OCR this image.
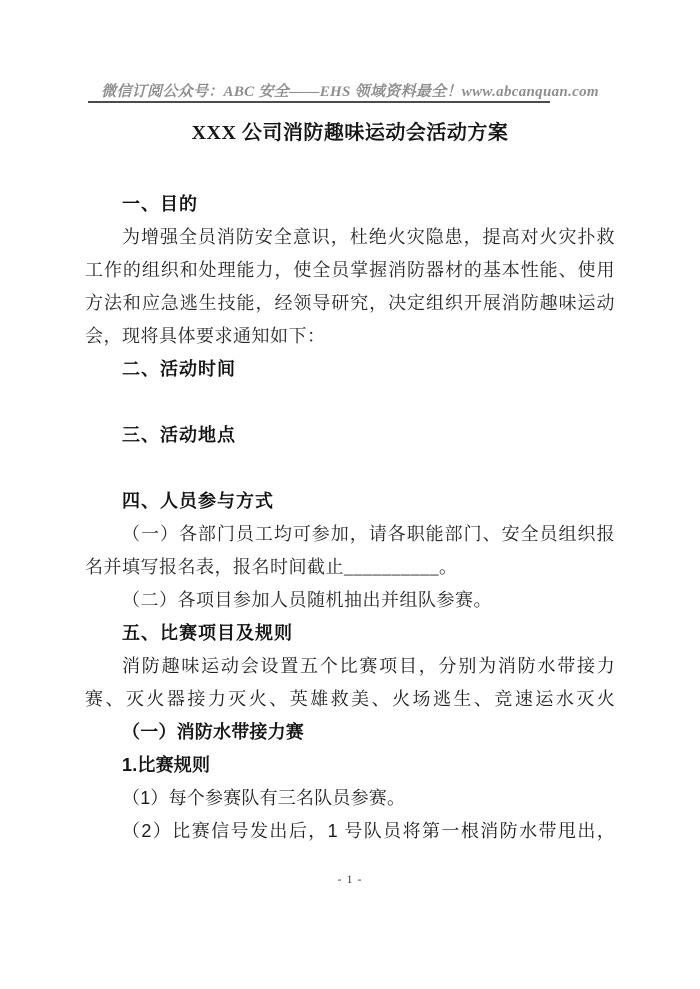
微信订阅公众号：ABC 安全——EHS 领域资料最全！www.abcanquan.com
XXX 公司消防趣味运动会活动方案
一、目的
为增强全员消防安全意识，杜绝火灾隐患，提高对火灾扑救
工作的组织和处理能力，使全员掌握消防器材的基本性能、使用
方法和应急逃生技能，经领导研究，决定组织开展消防趣味运动
会，现将具体要求通知如下：
二、活动时间
三、活动地点
四、人员参与方式
（一）各部门员工均可参加，请各职能部门、安全员组织报
名并填写报名表，报名时间截止__________。
（二）各项目参加人员随机抽出并组队参赛。
五、比赛项目及规则
消防趣味运动会设置五个比赛项目，分别为消防水带接力
赛、灭火器接力灭火、英雄救美、火场逃生、竞速运水灭火
（一）消防水带接力赛
1.比赛规则
（1）每个参赛队有三名队员参赛。
（2）比赛信号发出后，1 号队员将第一根消防水带甩出，
- 1 -
